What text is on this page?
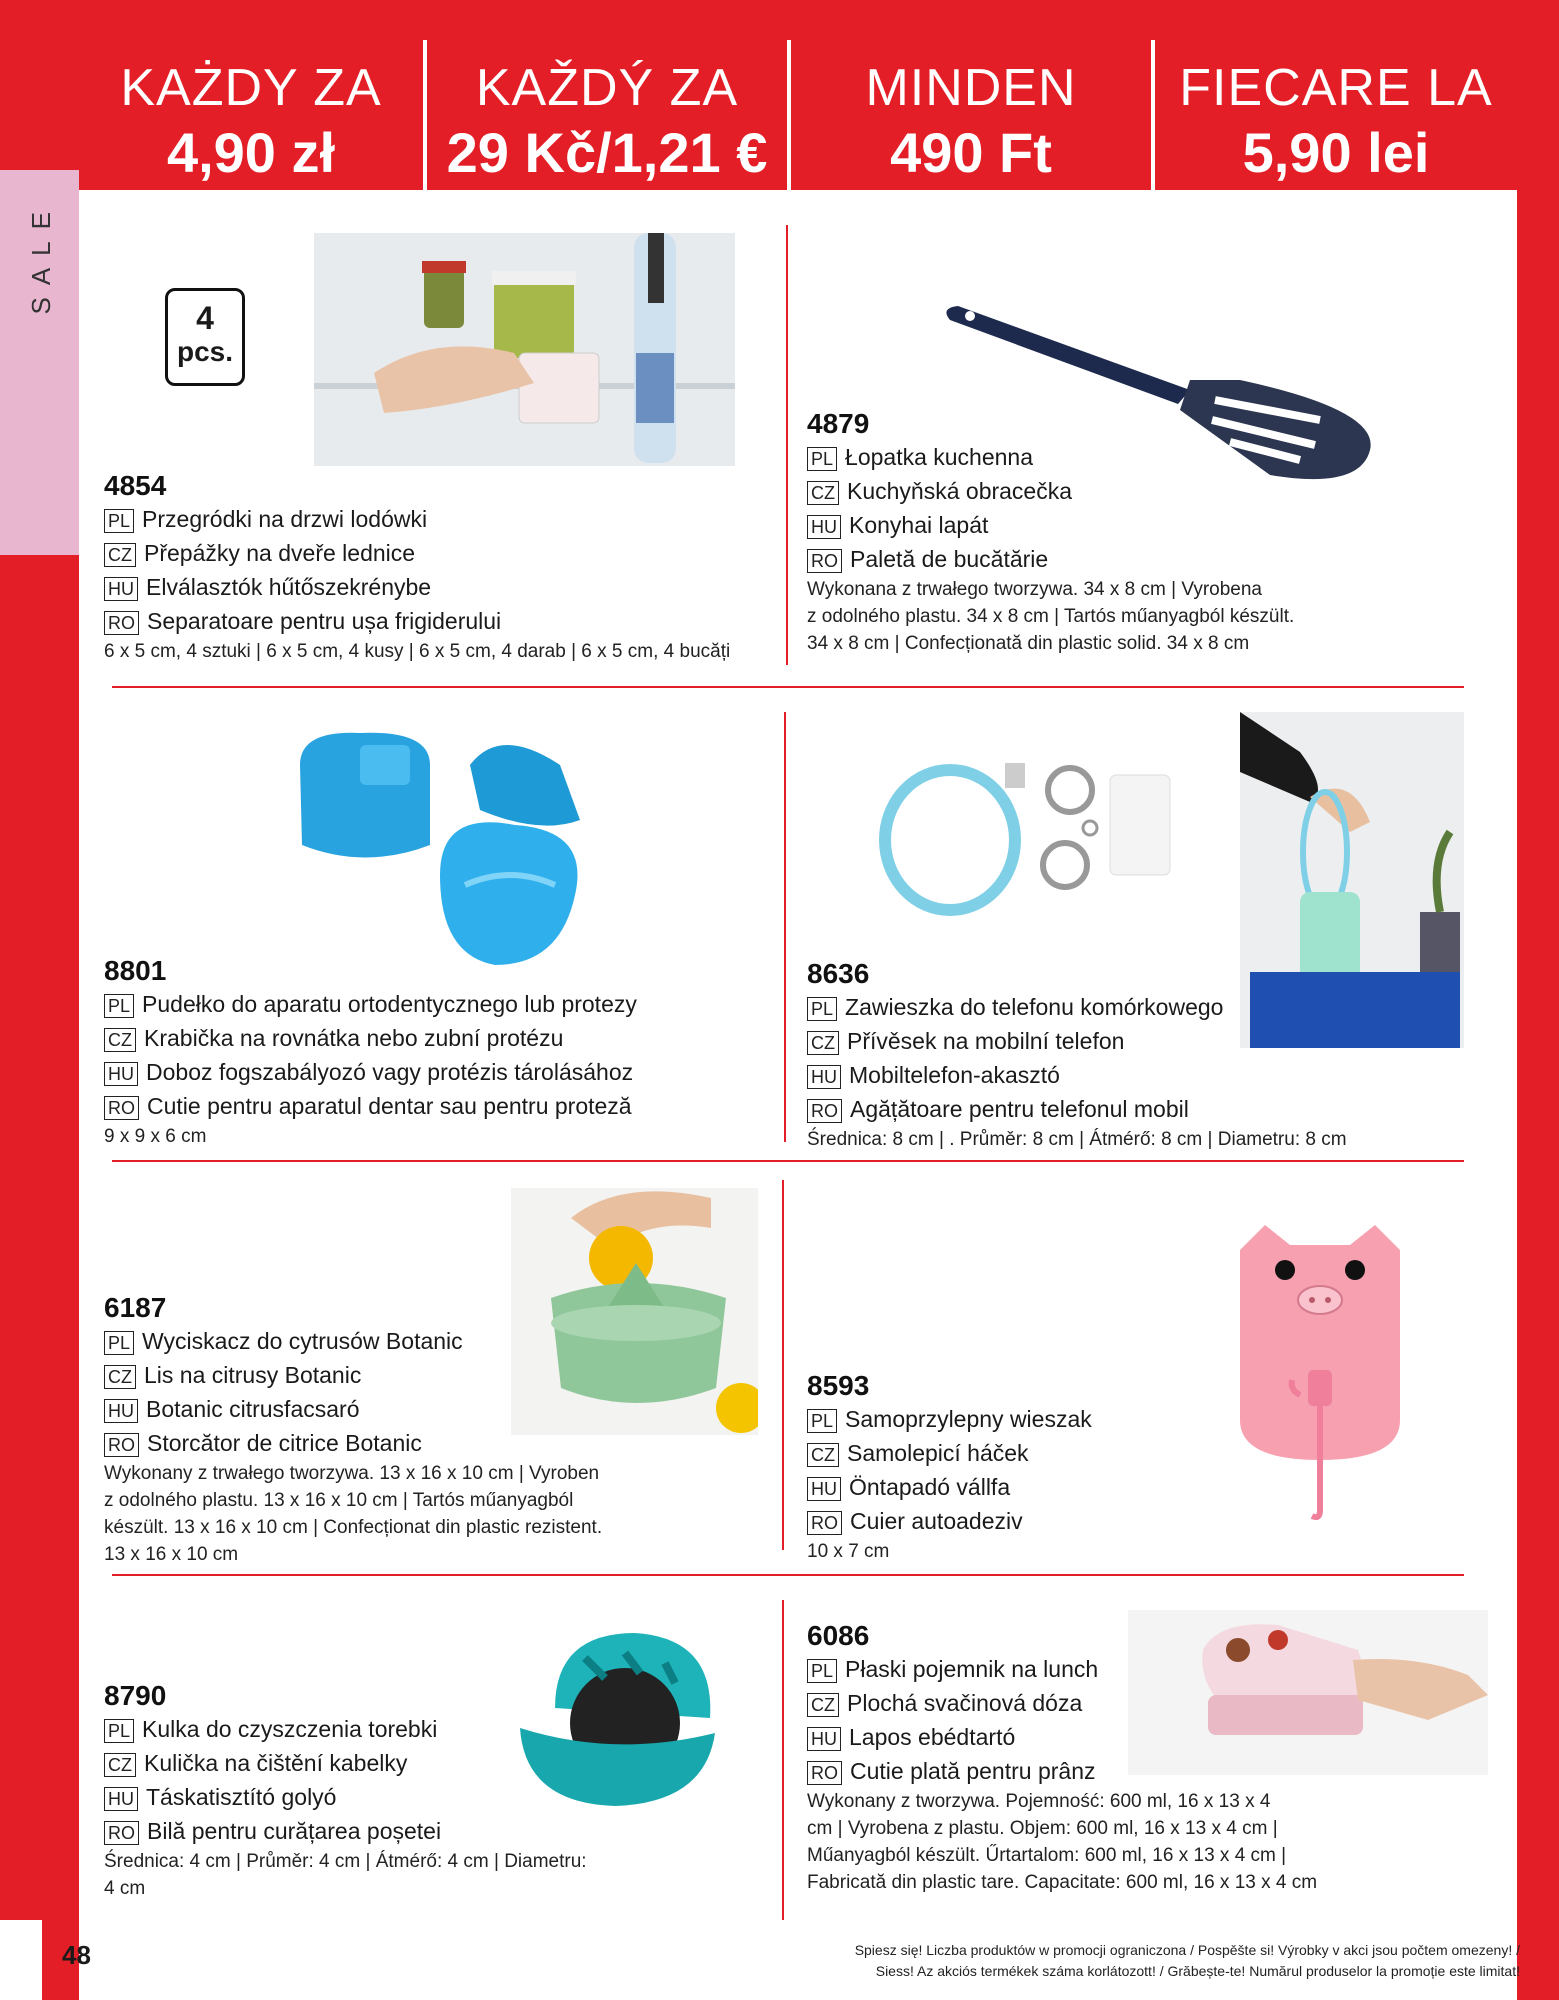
SALE
KAŻDY ZA
4,90 zł
KAŽDÝ ZA
29 Kč/1,21 €
MINDEN
490 Ft
FIECARE LA
5,90 lei
4
pcs.
4854
PL Przegródki na drzwi lodówki
CZ Přepážky na dveře lednice
HU Elválasztók hűtőszekrénybe
RO Separatoare pentru ușa frigiderului
6 x 5 cm, 4 sztuki | 6 x 5 cm, 4 kusy | 6 x 5 cm, 4 darab | 6 x 5 cm, 4 bucăți
4879
PL Łopatka kuchenna
CZ Kuchyňská obracečka
HU Konyhai lapát
RO Paletă de bucătărie
Wykonana z trwałego tworzywa. 34 x 8 cm | Vyrobena
z odolného plastu. 34 x 8 cm | Tartós műanyagból készült.
34 x 8 cm | Confecționată din plastic solid. 34 x 8 cm
8801
PL Pudełko do aparatu ortodentycznego lub protezy
CZ Krabička na rovnátka nebo zubní protézu
HU Doboz fogszabályozó vagy protézis tárolásához
RO Cutie pentru aparatul dentar sau pentru proteză
9 x 9 x 6 cm
8636
PL Zawieszka do telefonu komórkowego
CZ Přívěsek na mobilní telefon
HU Mobiltelefon-akasztó
RO Agățătoare pentru telefonul mobil
Średnica: 8 cm | . Průměr: 8 cm | Átmérő: 8 cm | Diametru: 8 cm
6187
PL Wyciskacz do cytrusów Botanic
CZ Lis na citrusy Botanic
HU Botanic citrusfacsaró
RO Storcător de citrice Botanic
Wykonany z trwałego tworzywa. 13 x 16 x 10 cm | Vyroben
z odolného plastu. 13 x 16 x 10 cm | Tartós műanyagból
készült. 13 x 16 x 10 cm | Confecționat din plastic rezistent.
13 x 16 x 10 cm
8593
PL Samoprzylepny wieszak
CZ Samolepicí háček
HU Öntapadó vállfa
RO Cuier autoadeziv
10 x 7 cm
8790
PL Kulka do czyszczenia torebki
CZ Kulička na čištění kabelky
HU Táskatisztító golyó
RO Bilă pentru curățarea poșetei
Średnica: 4 cm | Průměr: 4 cm | Átmérő: 4 cm | Diametru:
4 cm
6086
PL Płaski pojemnik na lunch
CZ Plochá svačinová dóza
HU Lapos ebédtartó
RO Cutie plată pentru prânz
Wykonany z tworzywa. Pojemność: 600 ml, 16 x 13 x 4
cm | Vyrobena z plastu. Objem: 600 ml, 16 x 13 x 4 cm |
Műanyagból készült. Űrtartalom: 600 ml, 16 x 13 x 4 cm |
Fabricată din plastic tare. Capacitate: 600 ml, 16 x 13 x 4 cm
48	Spiesz się! Liczba produktów w promocji ograniczona / Pospěšte si! Výrobky v akci jsou počtem omezeny! /
Siess! Az akciós termékek száma korlátozott! / Grăbește-te! Numărul produselor la promoție este limitat!
